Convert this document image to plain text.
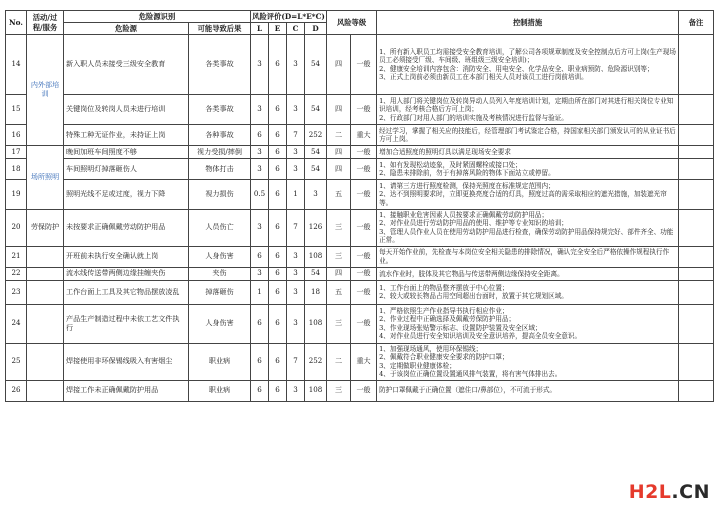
No.	活动/过程/服务	危险源识别		风险评价(D=L*E*C)				风险等级		控制措施	备注
		危险源	可能导致后果	L	E	C	D				
14	内外部培训	新入职人员未接受三级安全教育	各类事故	3	6	3	54	四	一般	1、所有新入职员工均需接受安全教育培训，了解公司各项规章制度及安全控制点后方可上岗(生产现场员工必须接受厂级、车间级、班组级三级安全培训)；
2、健康安全培训内容包含：消防安全、用电安全、化学品安全、职业病预防、危险源识别等；
3、正式上岗前必须由新员工在本部门相关人员对该员工进行岗前培训。	
15		关键岗位及转岗人员未进行培训	各类事故	3	6	3	54	四	一般	1、用人部门将关键岗位及转岗异动人员列入年度培训计划，定期由所在部门对其进行相关岗位专业知识培训，经考核合格后方可上岗；
2、行政部门对用人部门的培训实施及考核情况进行监督与验证。	
16		特殊工种无证作业，未持证上岗	各种事故	6	6	7	252	二	重大	经过学习，掌握了相关应的技能后，经管理部门考试鉴定合格，持国家相关部门颁发认可的从业证书后方可上岗。	
17	场所照明	晚间加班车间照度不够	视力受损/摔倒	3	6	3	54	四	一般	增加合适照度的照明灯具以满足现场安全要求	
18		车间照明灯掉落砸伤人	物体打击	3	6	3	54	四	一般	1、如有发现松动迹象，及时紧固螺栓或接口处；
2、隐患未排除前，勿于有掉落风险的物体下面站立或停留。	
19		照明光线不足或过度，视力下降	视力损伤	0.5	6	1	3	五	一般	1、请第三方进行照度检测，保持光照度在标准规定范围内；
2、达不到照明要求时，立即更换亮度合适的灯具，照度过高的需采取相应的遮光措施，加装遮光帘等。	
20	劳保防护	未按要求正确佩戴劳动防护用品	人员伤亡	3	6	7	126	三	一般	1、接触职业危害因素人员按要求正确佩戴劳动防护用品；
2、对作业员进行劳动防护用品的使用、维护等专业知识的培训；
3、管理人员作业人员在使用劳动防护用品进行检查，确保劳动防护用品保持规完好、部件齐全、功能正常。	
21		开班前未执行安全确认就上岗	人身伤害	6	6	3	108	三	一般	每天开始作业前，先检查与本岗位安全相关隐患的排除情况，确认完全安全后严格依操作规程执行作业。	
22		流水线传送带两侧边缘挂缠夹伤	夹伤	3	6	3	54	四	一般	流水作业时，肢体及其它物品与传送带两侧边缘保持安全距离。	
23		工作台面上工具及其它物品摆放凌乱	掉落砸伤	1	6	3	18	五	一般	1、工作台面上的物品整齐摆放于中心位置；
2、较大或较长物品占用空间超出台面时，放置于其它规划区域。	
24		产品生产制造过程中未依工艺文件执行	人身伤害	6	6	3	108	三	一般	1、严格依照生产作业指导书执行相应作业；
2、作业过程中正确选择及佩戴劳保防护用品；
3、作业现场张贴警示标志、设置防护装置及安全区域；
4、对作业员进行安全知识培训及安全意识培养，提高全员安全意识。	
25		焊接使用非环保锡线吸入有害烟尘	职业病	6	6	7	252	二	重大	1、加强现场通风，使用环保锡线；
2、佩戴符合职业健康安全要求的防护口罩；
3、定期做职业健康体检；
4、于该岗位正确位置设置通风排气装置，将有害气体排出去。	
26		焊接工作未正确佩戴防护用品	职业病	6	6	3	108	三	一般	防护口罩佩戴于正确位置（遮住口/鼻部位），不可流于形式。	
H2L.CN
